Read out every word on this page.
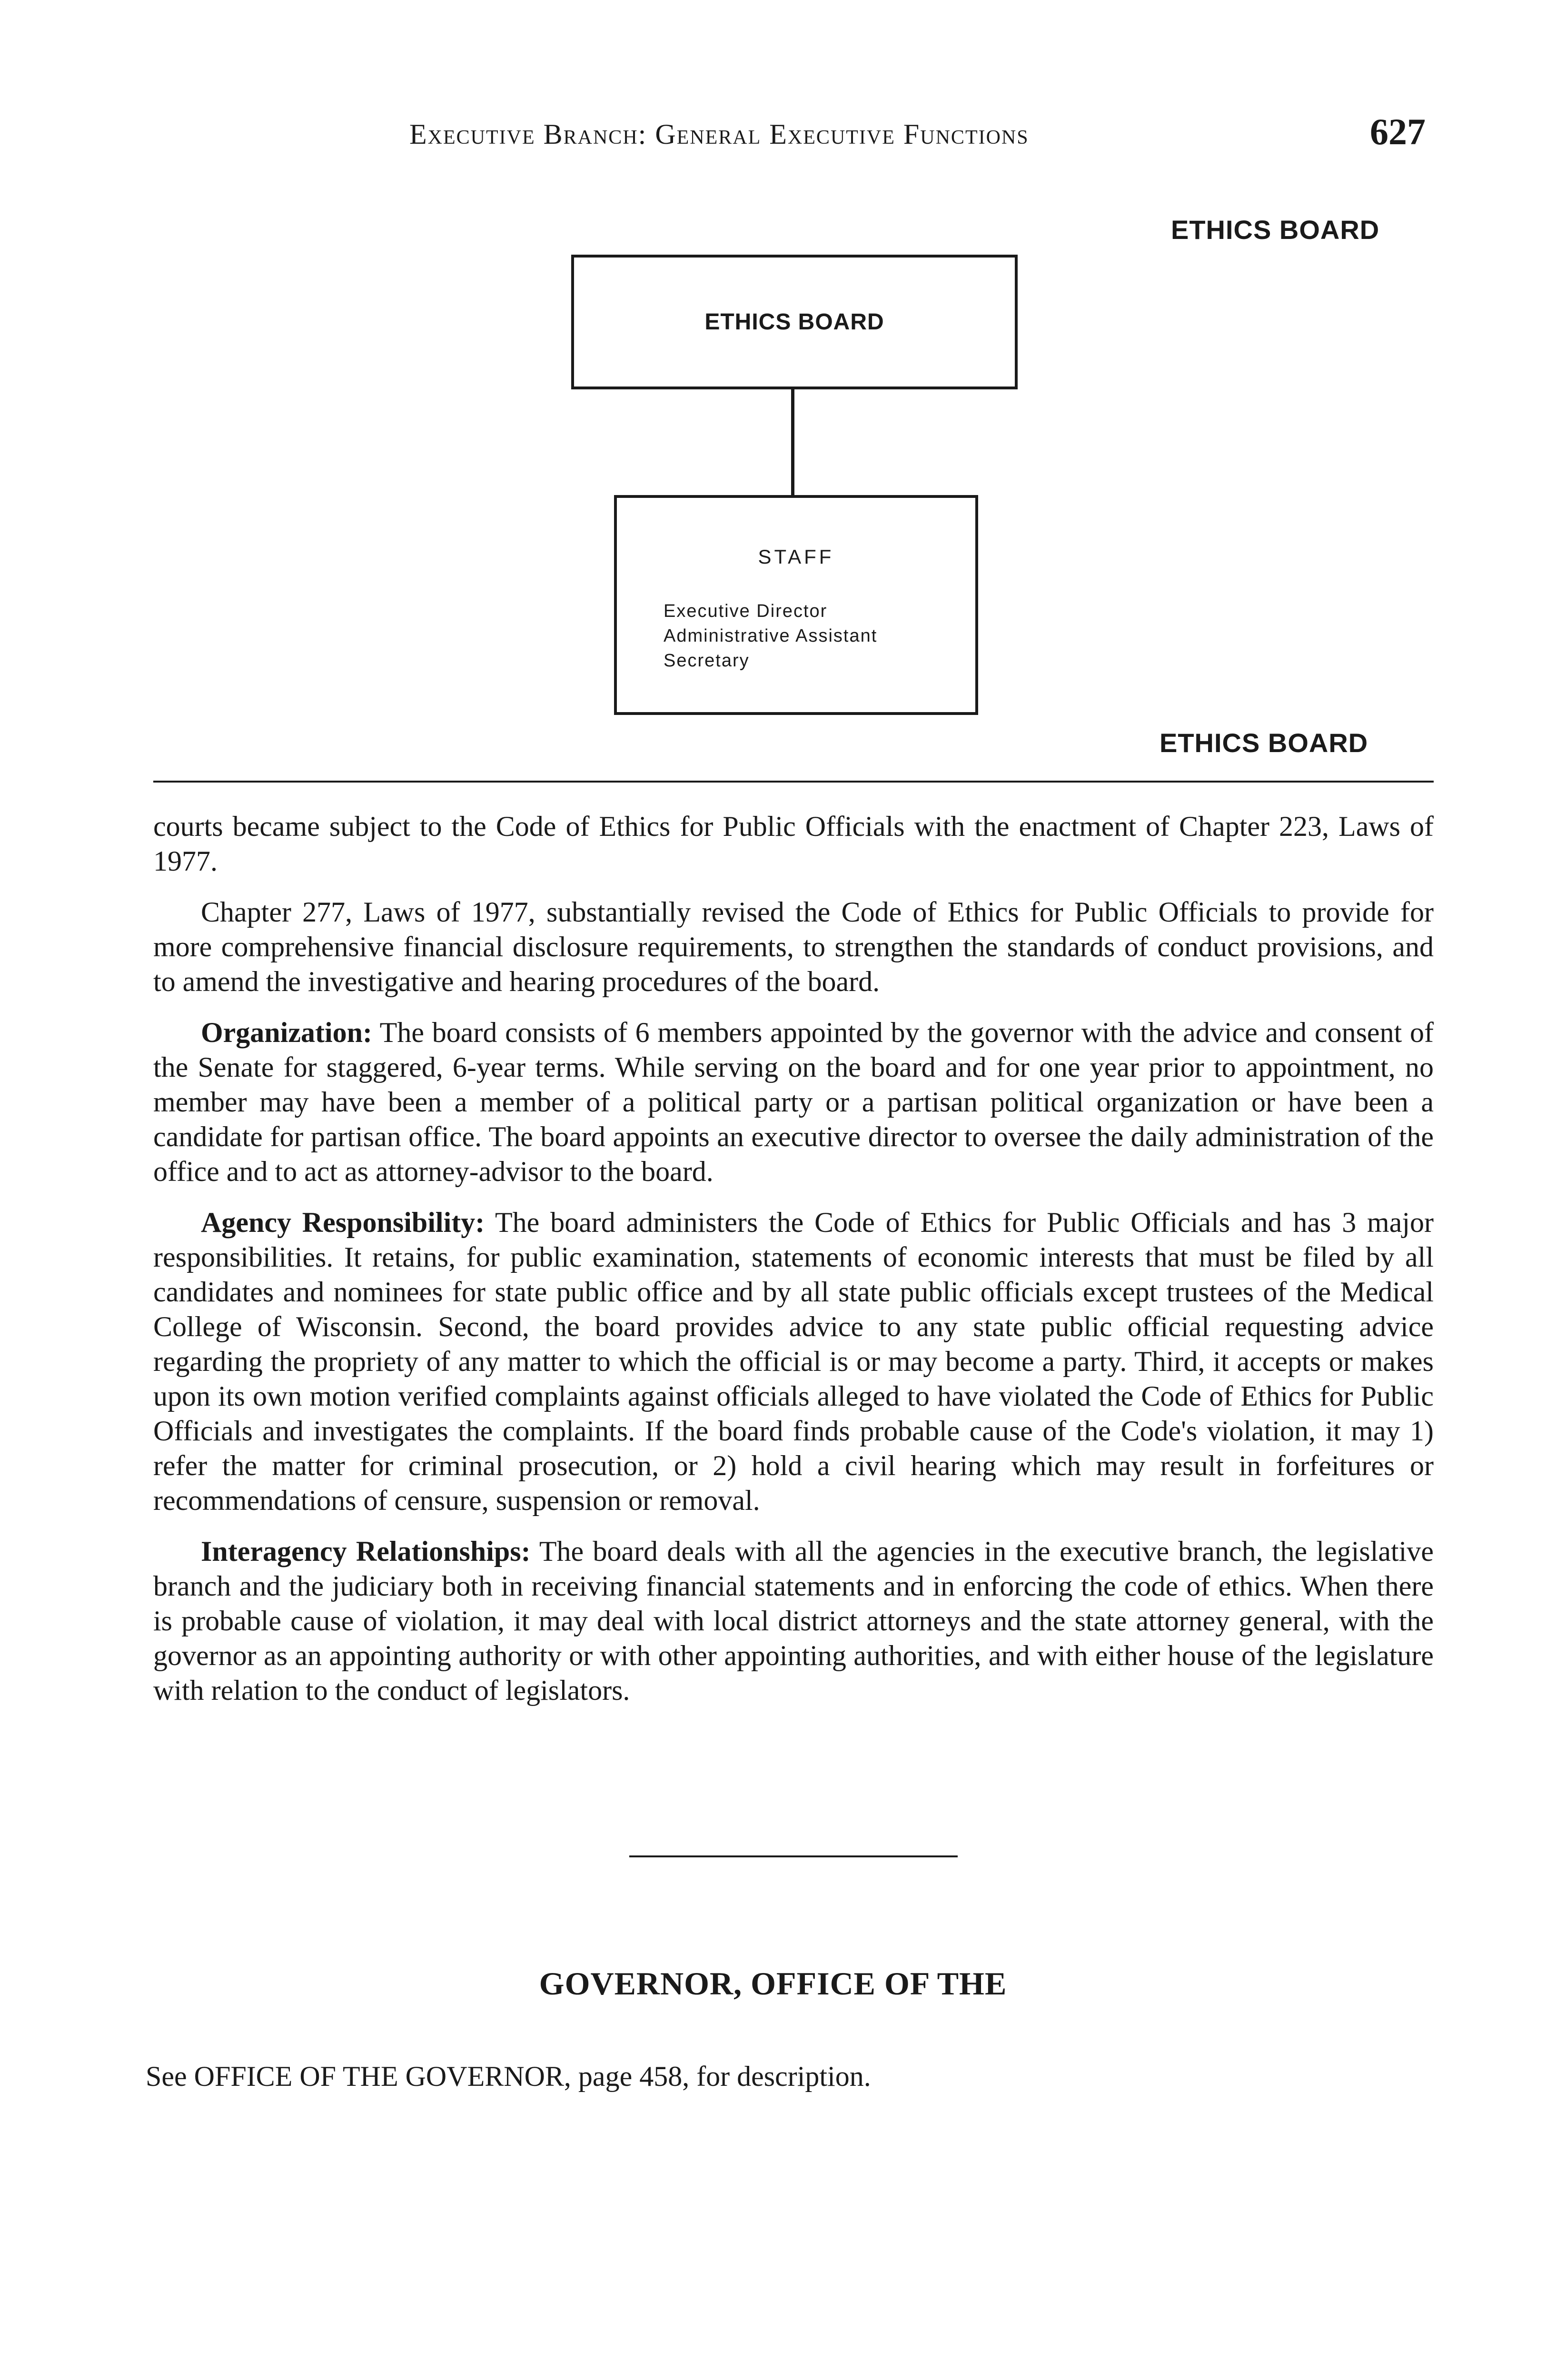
Executive Branch: General Executive Functions	627
ETHICS BOARD
ETHICS BOARD
STAFF
Executive Director
Administrative Assistant
Secretary
ETHICS BOARD

courts became subject to the Code of Ethics for Public Officials with the enactment of Chapter 223, Laws of 1977.

Chapter 277, Laws of 1977, substantially revised the Code of Ethics for Public Officials to provide for more comprehensive financial disclosure requirements, to strengthen the standards of conduct provisions, and to amend the investigative and hearing procedures of the board.

Organization: The board consists of 6 members appointed by the governor with the advice and consent of the Senate for staggered, 6-year terms. While serving on the board and for one year prior to appointment, no member may have been a member of a political party or a partisan political organization or have been a candidate for partisan office. The board appoints an executive director to oversee the daily administration of the office and to act as attorney-advisor to the board.

Agency Responsibility: The board administers the Code of Ethics for Public Officials and has 3 major responsibilities. It retains, for public examination, statements of economic interests that must be filed by all candidates and nominees for state public office and by all state public officials except trustees of the Medical College of Wisconsin. Second, the board provides advice to any state public official requesting advice regarding the propriety of any matter to which the official is or may become a party. Third, it accepts or makes upon its own motion verified complaints against officials alleged to have violated the Code of Ethics for Public Officials and investigates the complaints. If the board finds probable cause of the Code's violation, it may 1) refer the matter for criminal prosecution, or 2) hold a civil hearing which may result in forfeitures or recommendations of censure, suspension or removal.

Interagency Relationships: The board deals with all the agencies in the executive branch, the legislative branch and the judiciary both in receiving financial statements and in enforcing the code of ethics. When there is probable cause of violation, it may deal with local district attorneys and the state attorney general, with the governor as an appointing authority or with other appointing authorities, and with either house of the legislature with relation to the conduct of legislators.

GOVERNOR, OFFICE OF THE
See OFFICE OF THE GOVERNOR, page 458, for description.
